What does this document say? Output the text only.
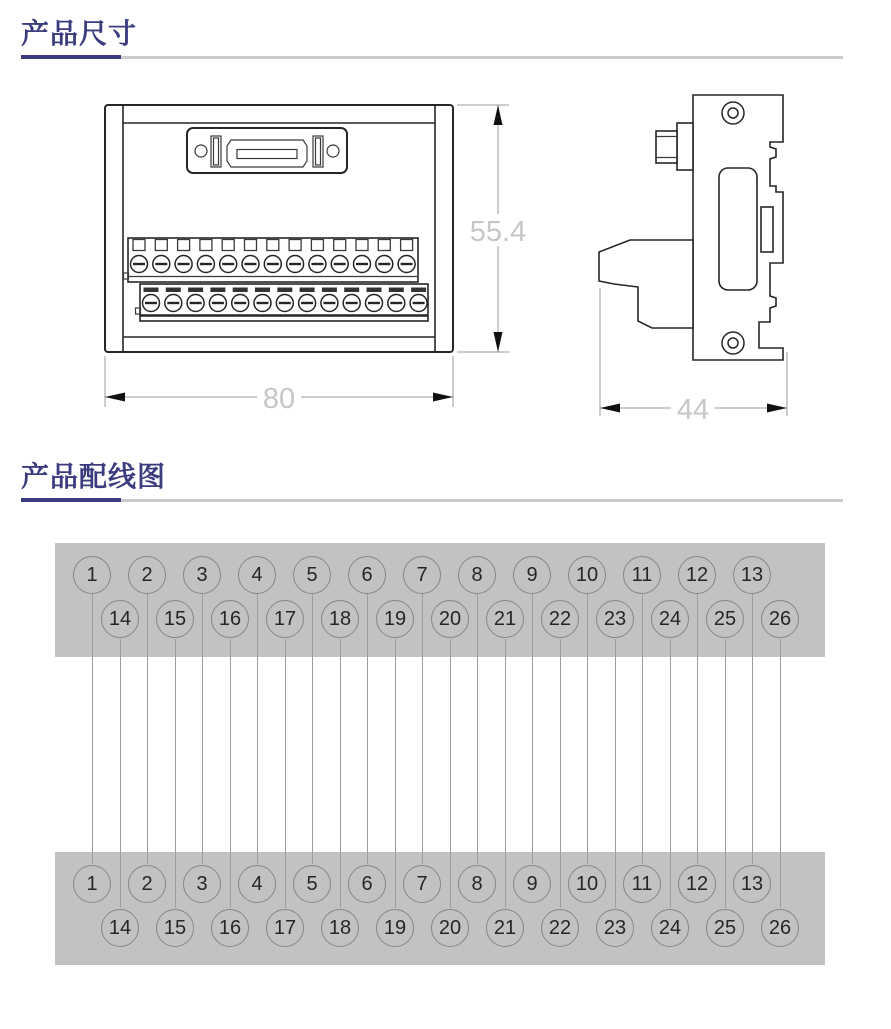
产品尺寸
80
55.4
44
产品配线图
1	2	3	4	5	6	7	8	9	10	11	12	13
14	15	16	17	18	19	20	21	22	23	24	25	26
1	2	3	4	5	6	7	8	9	10	11	12	13
14	15	16	17	18	19	20	21	22	23	24	25	26
